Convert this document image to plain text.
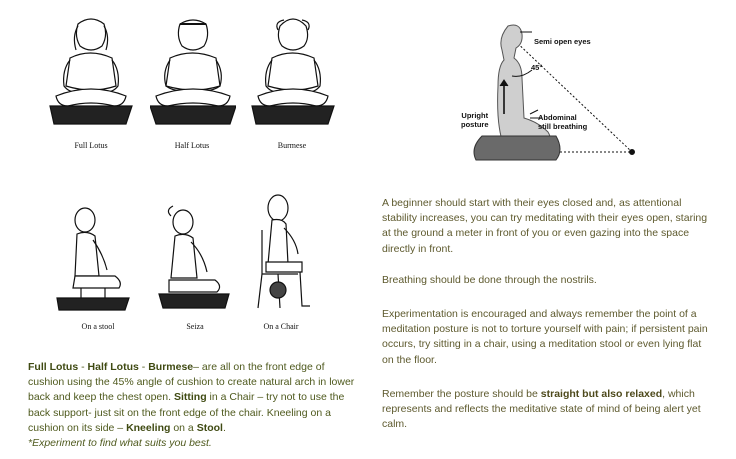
Full Lotus	Half Lotus	Burmese
On a stool	Seiza	On a Chair
Semi open eyes
45°
Upright
posture
Abdominal
still breathing
Full Lotus - Half Lotus - Burmese– are all on the front edge of cushion using the 45% angle of cushion to create natural arch in lower back and keep the chest open. Sitting in a Chair – try not to use the back support- just sit on the front edge of the chair. Kneeling on a cushion on its side – Kneeling on a Stool.
*Experiment to find what suits you best.
A beginner should start with their eyes closed and, as attentional stability increases, you can try meditating with their eyes open, staring at the ground a meter in front of you or even gazing into the space directly in front.
Breathing should be done through the nostrils.
Experimentation is encouraged and always remember the point of a meditation posture is not to torture yourself with pain; if persistent pain occurs, try sitting in a chair, using a meditation stool or even lying flat on the floor.
Remember the posture should be straight but also relaxed, which represents and reflects the meditative state of mind of being alert yet calm.
